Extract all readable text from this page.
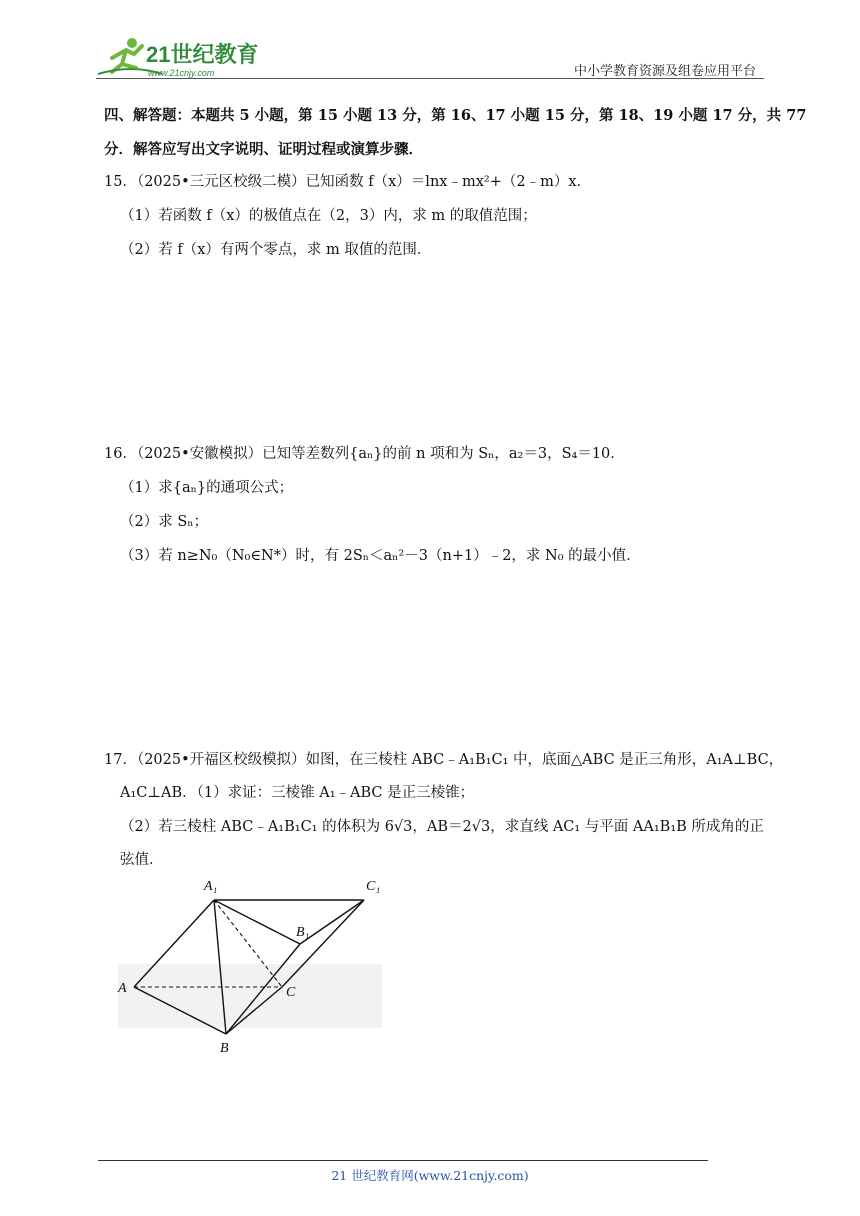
21世纪教育
www.21cnjy.com	中小学教育资源及组卷应用平台
四、解答题：本题共 5 小题，第 15 小题 13 分，第 16、17 小题 15 分，第 18、19 小题 17 分，共 77
分．解答应写出文字说明、证明过程或演算步骤．
15．（2025•三元区校级二模）已知函数 f（x）＝lnx﹣mx²+（2﹣m）x．
（1）若函数 f（x）的极值点在（2，3）内，求 m 的取值范围；
（2）若 f（x）有两个零点，求 m 取值的范围．
16．（2025•安徽模拟）已知等差数列{aₙ}的前 n 项和为 Sₙ，a₂＝3，S₄＝10．
（1）求{aₙ}的通项公式；
（2）求 Sₙ；
（3）若 n≥N₀（N₀∈N*）时，有 2Sₙ＜aₙ²－3（n+1）﹣2，求 N₀ 的最小值．
17．（2025•开福区校级模拟）如图，在三棱柱 ABC﹣A₁B₁C₁ 中，底面△ABC 是正三角形，A₁A⊥BC，
A₁C⊥AB．（1）求证：三棱锥 A₁﹣ABC 是正三棱锥；
（2）若三棱柱 ABC﹣A₁B₁C₁ 的体积为 6√3，AB＝2√3，求直线 AC₁ 与平面 AA₁B₁B 所成角的正
弦值．
A₁	C₁
B₁
A	C
B
21 世纪教育网(www.21cnjy.com)
